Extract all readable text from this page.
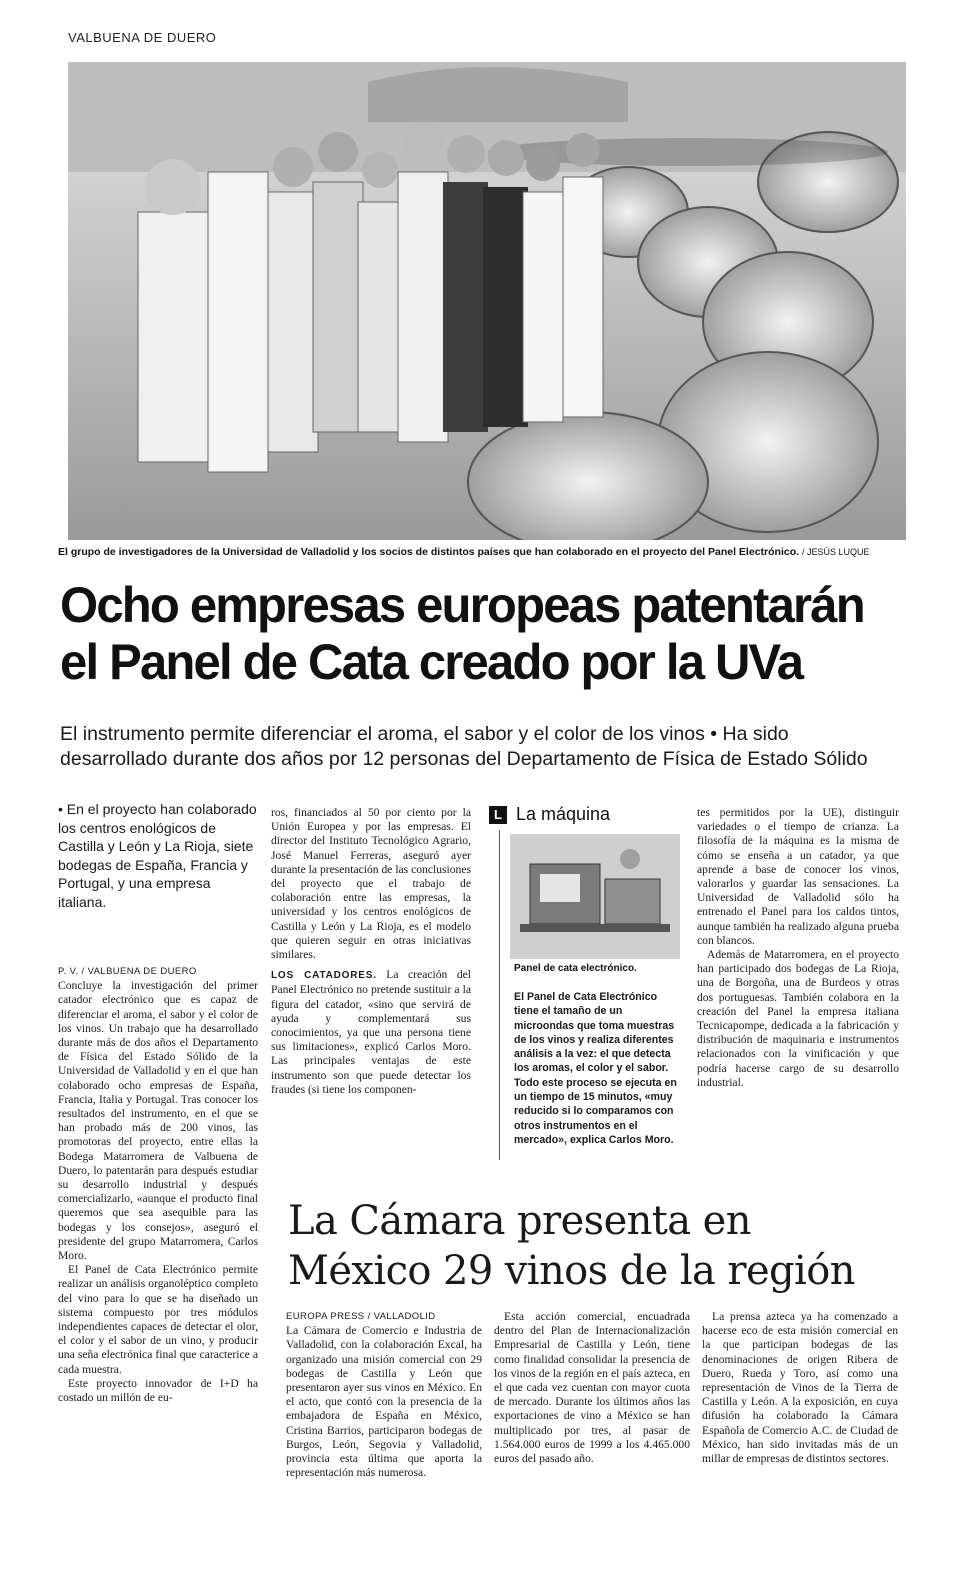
VALBUENA DE DUERO
El grupo de investigadores de la Universidad de Valladolid y los socios de distintos países que han colaborado en el proyecto del Panel Electrónico. / JESÚS LUQUE
Ocho empresas europeas patentarán
el Panel de Cata creado por la UVa
El instrumento permite diferenciar el aroma, el sabor y el color de los vinos • Ha sido
desarrollado durante dos años por 12 personas del Departamento de Física de Estado Sólido
• En el proyecto han colaborado los centros enológicos de Castilla y León y La Rioja, siete bodegas de España, Francia y Portugal, y una empresa italiana.

P. V. / VALBUENA DE DUERO

Concluye la investigación del primer catador electrónico que es capaz de diferenciar el aroma, el sabor y el color de los vinos. Un trabajo que ha desarrollado durante más de dos años el Departamento de Física del Estado Sólido de la Universidad de Valladolid y en el que han colaborado ocho empresas de España, Francia, Italia y Portugal. Tras conocer los resultados del instrumento, en el que se han probado más de 200 vinos, las promotoras del proyecto, entre ellas la Bodega Matarromera de Valbuena de Duero, lo patentarán para después estudiar su desarrollo industrial y después comercializarlo, «aunque el producto final queremos que sea asequible para las bodegas y los consejos», aseguró el presidente del grupo Matarromera, Carlos Moro.

El Panel de Cata Electrónico permite realizar un análisis organoléptico completo del vino para lo que se ha diseñado un sistema compuesto por tres módulos independientes capaces de detectar el olor, el color y el sabor de un vino, y producir una seña electrónica final que caracterice a cada muestra.

Este proyecto innovador de I+D ha costado un millón de eu-

ros, financiados al 50 por ciento por la Unión Europea y por las empresas. El director del Instituto Tecnológico Agrario, José Manuel Ferreras, aseguró ayer durante la presentación de las conclusiones del proyecto que el trabajo de colaboración entre las empresas, la universidad y los centros enológicos de Castilla y León y La Rioja, es el modelo que quieren seguir en otras iniciativas similares.

LOS CATADORES. La creación del Panel Electrónico no pretende sustituir a la figura del catador, «sino que servirá de ayuda y complementará sus conocimientos, ya que una persona tiene sus limitaciones», explicó Carlos Moro. Las principales ventajas de este instrumento son que puede detectar los fraudes (si tiene los componen-

L La máquina
Panel de cata electrónico.
El Panel de Cata Electrónico tiene el tamaño de un microondas que toma muestras de los vinos y realiza diferentes análisis a la vez: el que detecta los aromas, el color y el sabor. Todo este proceso se ejecuta en un tiempo de 15 minutos, «muy reducido si lo comparamos con otros instrumentos en el mercado», explica Carlos Moro.

tes permitidos por la UE), distinguir variedades o el tiempo de crianza. La filosofía de la máquina es la misma de cómo se enseña a un catador, ya que aprende a base de conocer los vinos, valorarlos y guardar las sensaciones. La Universidad de Valladolid sólo ha entrenado el Panel para los caldos tintos, aunque también ha realizado alguna prueba con blancos.

Además de Matarromera, en el proyecto han participado dos bodegas de La Rioja, una de Borgoña, una de Burdeos y otras dos portuguesas. También colabora en la creación del Panel la empresa italiana Tecnicapompe, dedicada a la fabricación y distribución de maquinaria e instrumentos relacionados con la vinificación y que podría hacerse cargo de su desarrollo industrial.

La Cámara presenta en
México 29 vinos de la región

EUROPA PRESS / VALLADOLID

La Cámara de Comercio e Industria de Valladolid, con la colaboración Excal, ha organizado una misión comercial con 29 bodegas de Castilla y León que presentaron ayer sus vinos en México. En el acto, que contó con la presencia de la embajadora de España en México, Cristina Barrios, participaron bodegas de Burgos, León, Segovia y Valladolid, provincia esta última que aporta la representación más numerosa.

Esta acción comercial, encuadrada dentro del Plan de Internacionalización Empresarial de Castilla y León, tiene como finalidad consolidar la presencia de los vinos de la región en el país azteca, en el que cada vez cuentan con mayor cuota de mercado. Durante los últimos años las exportaciones de vino a México se han multiplicado por tres, al pasar de 1.564.000 euros de 1999 a los 4.465.000 euros del pasado año.

La prensa azteca ya ha comenzado a hacerse eco de esta misión comercial en la que participan bodegas de las denominaciones de origen Ribera de Duero, Rueda y Toro, así como una representación de Vinos de la Tierra de Castilla y León. A la exposición, en cuya difusión ha colaborado la Cámara Española de Comercio A.C. de Ciudad de México, han sido invitadas más de un millar de empresas de distintos sectores.
